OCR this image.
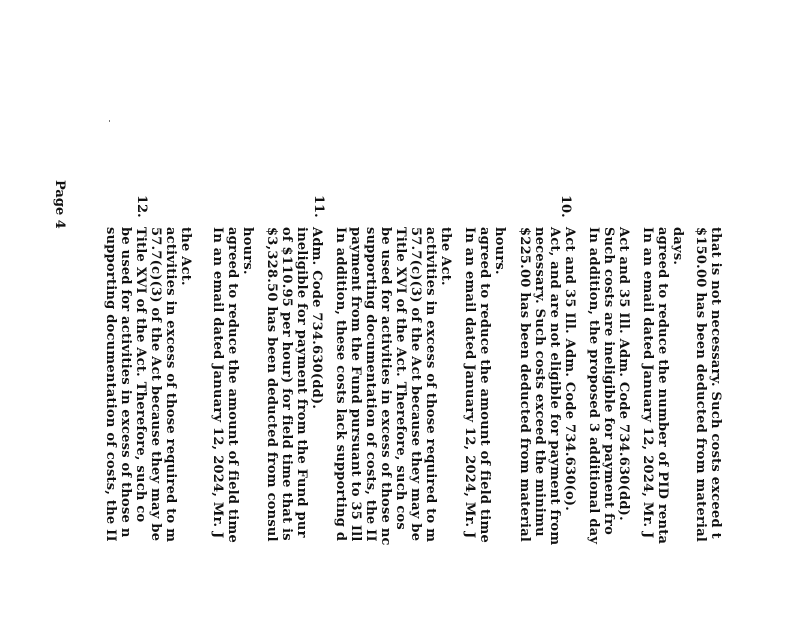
Page 4
supporting documentation of costs, the II be used for activities in excess of those n Title XVI of the Act. Therefore, such co 57.7(c)(3) of the Act because they may be activities in excess of those required to m the Act.
10.
In an email dated January 12, 2024, Mr. J agreed to reduce the amount of field time hours. $3,328.50 has been deducted from consul of $110.95 per hour) for field time that is ineligible for payment from the Fund pur Adm. Code 734.630(dd). In addition, these costs lack supporting d payment from the Fund pursuant to 35 Ill supporting documentation of costs, the II be used for activities in excess of those nc Title XVI of the Act. Therefore, such cos 57.7(c)(3) of the Act because they may be activities in excess of those required to m the Act. In an email dated January 12, 2024, Mr. J agreed to reduce the amount of field time hours.
11.
$225.00 has been deducted from material necessary. Such costs exceed the minimu Act, and are not eligible for payment from Act and 35 Ill. Adm. Code 734.630(o). In addition, the proposed 3 additional day Such costs are ineligible for payment fro Act and 35 Ill. Adm. Code 734.630(dd). In an email dated January 12, 2024, Mr. J agreed to reduce the number of PID renta days.
12.
$150.00 has been deducted from material that is not necessary. Such costs exceed t
